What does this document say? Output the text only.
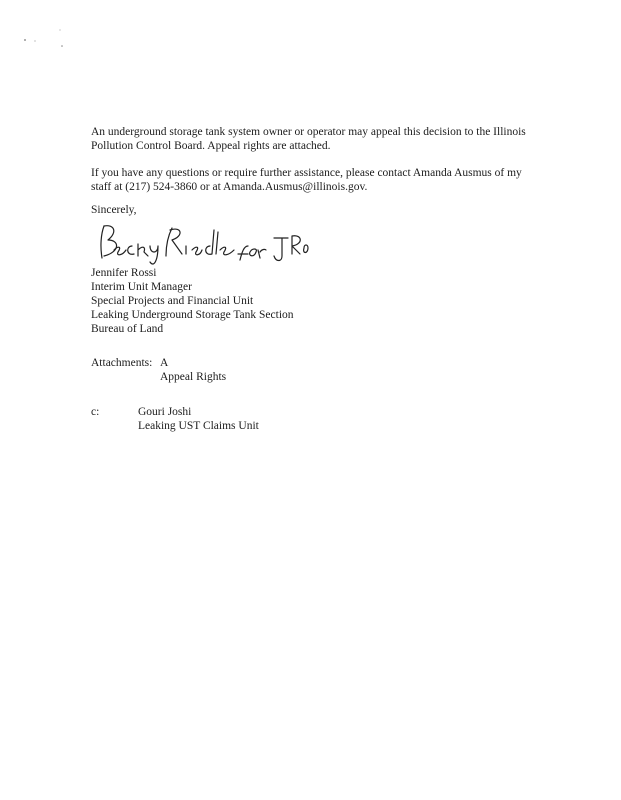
An underground storage tank system owner or operator may appeal this decision to the Illinois
Pollution Control Board. Appeal rights are attached.

If you have any questions or require further assistance, please contact Amanda Ausmus of my
staff at (217) 524-3860 or at Amanda.Ausmus@illinois.gov.

Sincerely,
Jennifer Rossi
Interim Unit Manager
Special Projects and Financial Unit
Leaking Underground Storage Tank Section
Bureau of Land
Attachments: A
Appeal Rights
c:	Gouri Joshi
Leaking UST Claims Unit
